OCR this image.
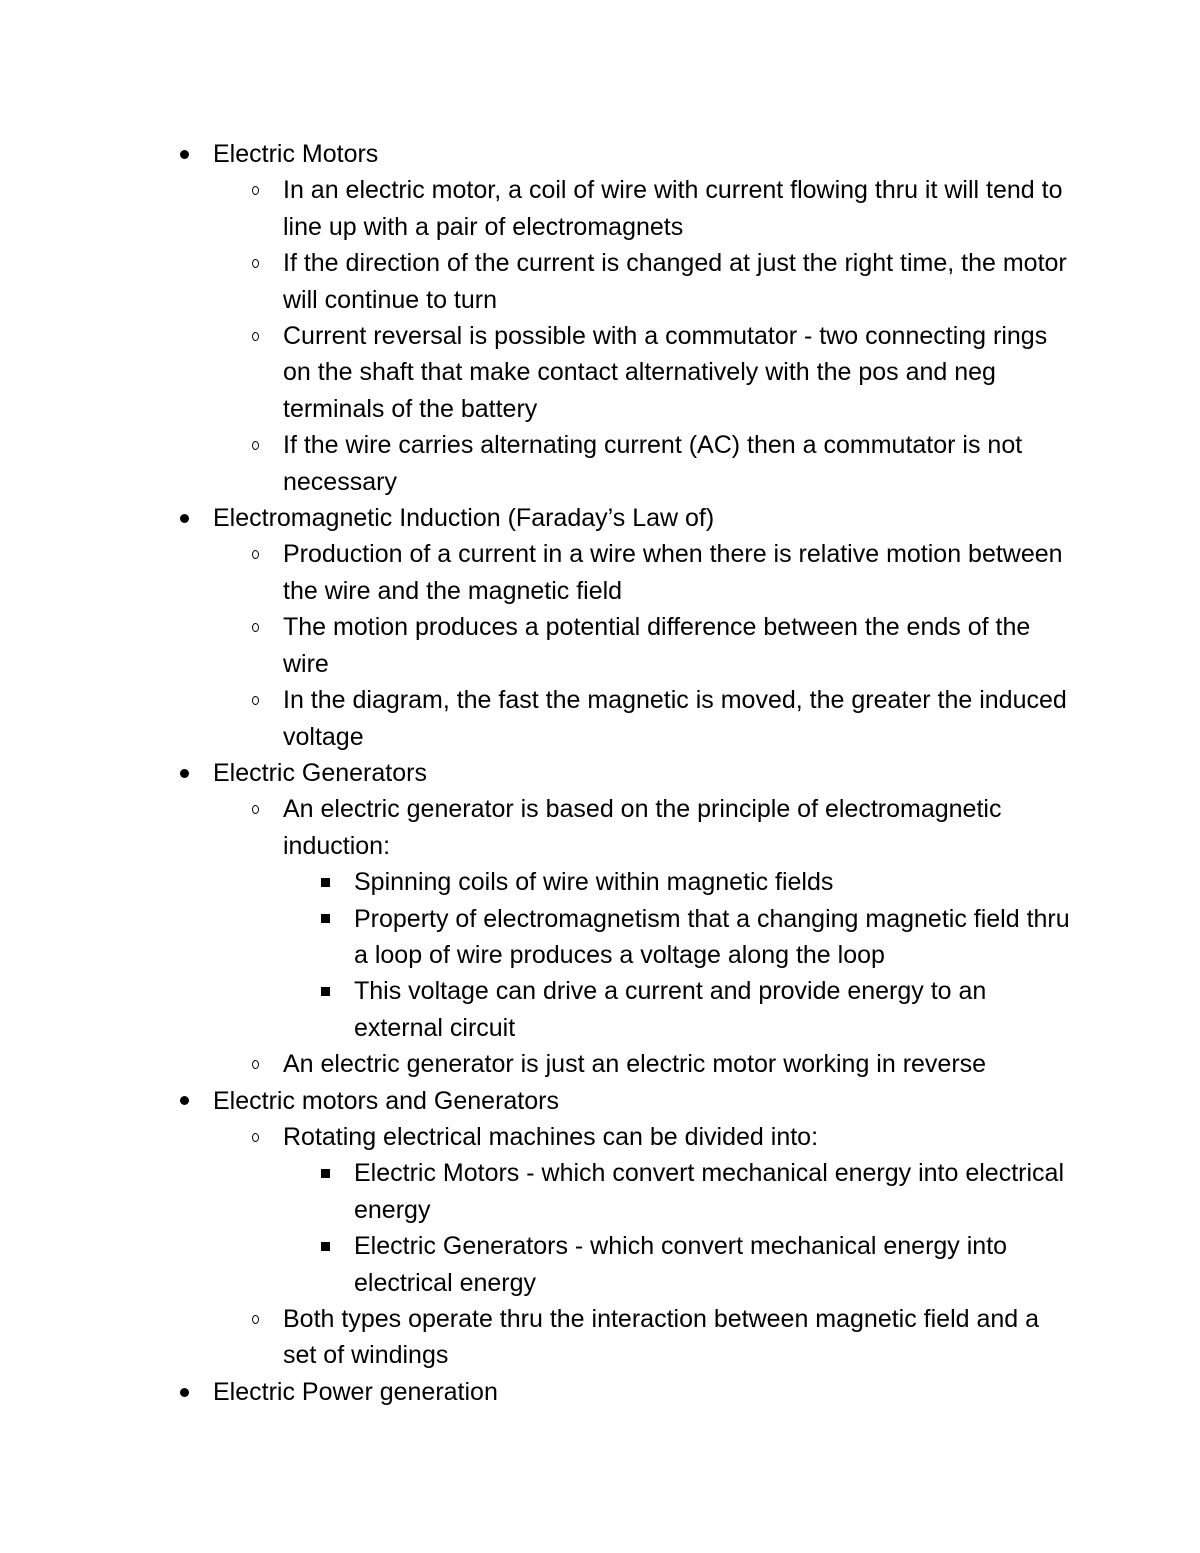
Electric Motors
In an electric motor, a coil of wire with current flowing thru it will tend to line up with a pair of electromagnets
If the direction of the current is changed at just the right time, the motor will continue to turn
Current reversal is possible with a commutator - two connecting rings on the shaft that make contact alternatively with the pos and neg terminals of the battery
If the wire carries alternating current (AC) then a commutator is not necessary
Electromagnetic Induction (Faraday’s Law of)
Production of a current in a wire when there is relative motion between the wire and the magnetic field
The motion produces a potential difference between the ends of the wire
In the diagram, the fast the magnetic is moved, the greater the induced voltage
Electric Generators
An electric generator is based on the principle of electromagnetic induction:
Spinning coils of wire within magnetic fields
Property of electromagnetism that a changing magnetic field thru a loop of wire produces a voltage along the loop
This voltage can drive a current and provide energy to an external circuit
An electric generator is just an electric motor working in reverse
Electric motors and Generators
Rotating electrical machines can be divided into:
Electric Motors - which convert mechanical energy into electrical energy
Electric Generators - which convert mechanical energy into electrical energy
Both types operate thru the interaction between magnetic field and a set of windings
Electric Power generation
